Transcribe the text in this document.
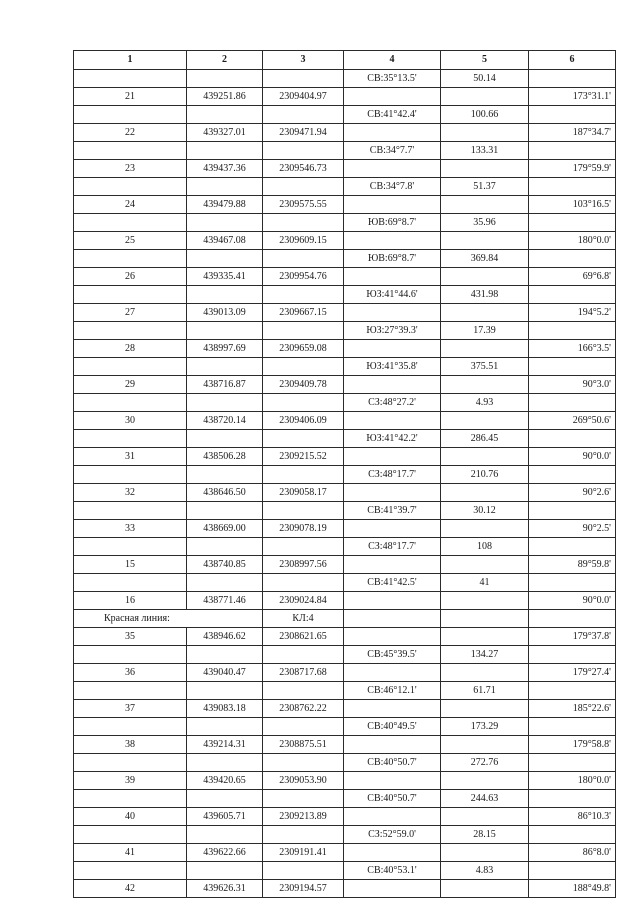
1	2	3	4	5	6
			СВ:35°13.5'	50.14	
21	439251.86	2309404.97			173°31.1'
			СВ:41°42.4'	100.66	
22	439327.01	2309471.94			187°34.7'
			СВ:34°7.7'	133.31	
23	439437.36	2309546.73			179°59.9'
			СВ:34°7.8'	51.37	
24	439479.88	2309575.55			103°16.5'
			ЮВ:69°8.7'	35.96	
25	439467.08	2309609.15			180°0.0'
			ЮВ:69°8.7'	369.84	
26	439335.41	2309954.76			69°6.8'
			ЮЗ:41°44.6'	431.98	
27	439013.09	2309667.15			194°5.2'
			ЮЗ:27°39.3'	17.39	
28	438997.69	2309659.08			166°3.5'
			ЮЗ:41°35.8'	375.51	
29	438716.87	2309409.78			90°3.0'
			СЗ:48°27.2'	4.93	
30	438720.14	2309406.09			269°50.6'
			ЮЗ:41°42.2'	286.45	
31	438506.28	2309215.52			90°0.0'
			СЗ:48°17.7'	210.76	
32	438646.50	2309058.17			90°2.6'
			СВ:41°39.7'	30.12	
33	438669.00	2309078.19			90°2.5'
			СЗ:48°17.7'	108	
15	438740.85	2308997.56			89°59.8'
			СВ:41°42.5'	41	
16	438771.46	2309024.84			90°0.0'
Красная линия:		КЛ:4			
35	438946.62	2308621.65			179°37.8'
			СВ:45°39.5'	134.27	
36	439040.47	2308717.68			179°27.4'
			СВ:46°12.1'	61.71	
37	439083.18	2308762.22			185°22.6'
			СВ:40°49.5'	173.29	
38	439214.31	2308875.51			179°58.8'
			СВ:40°50.7'	272.76	
39	439420.65	2309053.90			180°0.0'
			СВ:40°50.7'	244.63	
40	439605.71	2309213.89			86°10.3'
			СЗ:52°59.0'	28.15	
41	439622.66	2309191.41			86°8.0'
			СВ:40°53.1'	4.83	
42	439626.31	2309194.57			188°49.8'
